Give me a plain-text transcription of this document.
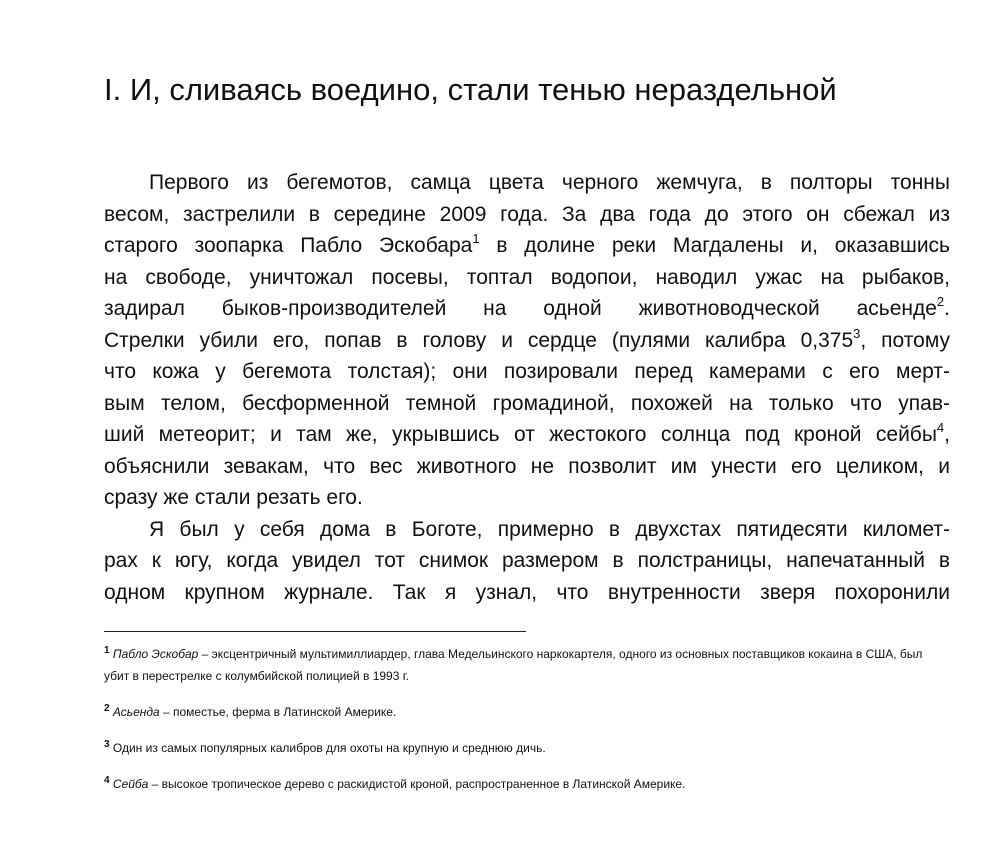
I. И, сливаясь воедино, стали тенью нераздельной
Первого из бегемотов, самца цвета черного жемчуга, в полторы тонны
весом, застрелили в середине 2009 года. За два года до этого он сбежал из
старого зоопарка Пабло Эскобара$^1$ в долине реки Магдалены и, оказавшись
на свободе, уничтожал посевы, топтал водопои, наводил ужас на рыбаков,
задирал быков-производителей на одной животноводческой асьенде$^2$.
Стрелки убили его, попав в голову и сердце (пулями калибра 0,375$^3$, потому
что кожа у бегемота толстая); они позировали перед камерами с его мерт-
вым телом, бесформенной темной громадиной, похожей на только что упав-
ший метеорит; и там же, укрывшись от жестокого солнца под кроной сейбы$^4$,
объяснили зевакам, что вес животного не позволит им унести его целиком, и
сразу же стали резать его.
Я был у себя дома в Боготе, примерно в двухстах пятидесяти километ-
рах к югу, когда увидел тот снимок размером в полстраницы, напечатанный в
одном крупном журнале. Так я узнал, что внутренности зверя похоронили

$^1$ Пабло Эскобар – эксцентричный мультимиллиардер, глава Медельинского наркокартеля, одного из основных поставщиков кокаина в США, был убит в перестрелке с колумбийской полицией в 1993 г.

$^2$ Асьенда – поместье, ферма в Латинской Америке.

$^3$ Один из самых популярных калибров для охоты на крупную и среднюю дичь.

$^4$ Сейба – высокое тропическое дерево с раскидистой кроной, распространенное в Латинской Америке.
